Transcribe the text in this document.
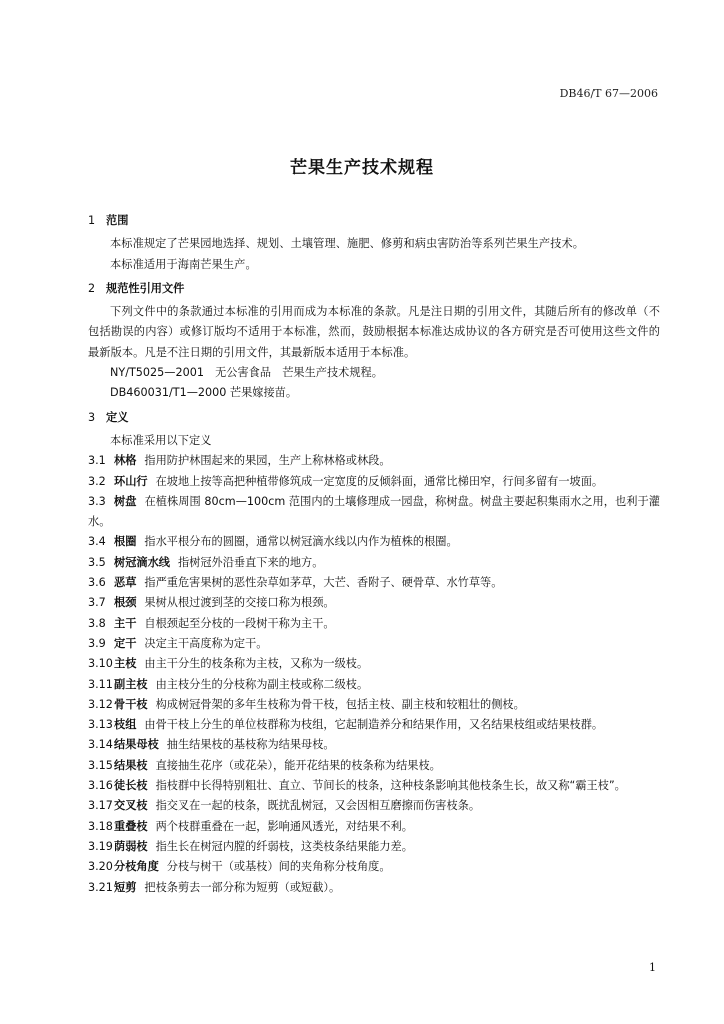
DB46/T 67—2006
芒果生产技术规程
1 范围
本标准规定了芒果园地选择、规划、土壤管理、施肥、修剪和病虫害防治等系列芒果生产技术。
本标准适用于海南芒果生产。
2 规范性引用文件
下列文件中的条款通过本标准的引用而成为本标准的条款。凡是注日期的引用文件，其随后所有的修改单（不包括勘误的内容）或修订版均不适用于本标准，然而，鼓励根据本标准达成协议的各方研究是否可使用这些文件的最新版本。凡是不注日期的引用文件，其最新版本适用于本标准。
NY/T5025—2001　无公害食品　芒果生产技术规程。
DB460031/T1—2000 芒果嫁接苗。
3 定义
本标准采用以下定义
3.1 林格 指用防护林围起来的果园，生产上称林格或林段。
3.2 环山行 在坡地上按等高把种植带修筑成一定宽度的反倾斜面，通常比梯田窄，行间多留有一坡面。
3.3 树盘 在植株周围 80cm—100cm 范围内的土壤修理成一园盘，称树盘。树盘主要起积集雨水之用，也利于灌水。
3.4 根圈 指水平根分布的圆圈，通常以树冠滴水线以内作为植株的根圈。
3.5 树冠滴水线 指树冠外沿垂直下来的地方。
3.6 恶草 指严重危害果树的恶性杂草如茅草，大芒、香附子、硬骨草、水竹草等。
3.7 根颈 果树从根过渡到茎的交接口称为根颈。
3.8 主干 自根颈起至分枝的一段树干称为主干。
3.9 定干 决定主干高度称为定干。
3.10主枝 由主干分生的枝条称为主枝，又称为一级枝。
3.11副主枝 由主枝分生的分枝称为副主枝或称二级枝。
3.12骨干枝 构成树冠骨架的多年生枝称为骨干枝，包括主枝、副主枝和较粗壮的侧枝。
3.13枝组 由骨干枝上分生的单位枝群称为枝组，它起制造养分和结果作用，又名结果枝组或结果枝群。
3.14结果母枝 抽生结果枝的基枝称为结果母枝。
3.15结果枝 直接抽生花序（或花朵），能开花结果的枝条称为结果枝。
3.16徒长枝 指枝群中长得特别粗壮、直立、节间长的枝条，这种枝条影响其他枝条生长，故又称“霸王枝”。
3.17交叉枝 指交叉在一起的枝条，既扰乱树冠，又会因相互磨擦而伤害枝条。
3.18重叠枝 两个枝群重叠在一起，影响通风透光，对结果不利。
3.19荫弱枝 指生长在树冠内膛的纤弱枝，这类枝条结果能力差。
3.20分枝角度 分枝与树干（或基枝）间的夹角称分枝角度。
3.21短剪 把枝条剪去一部分称为短剪（或短截）。
1
